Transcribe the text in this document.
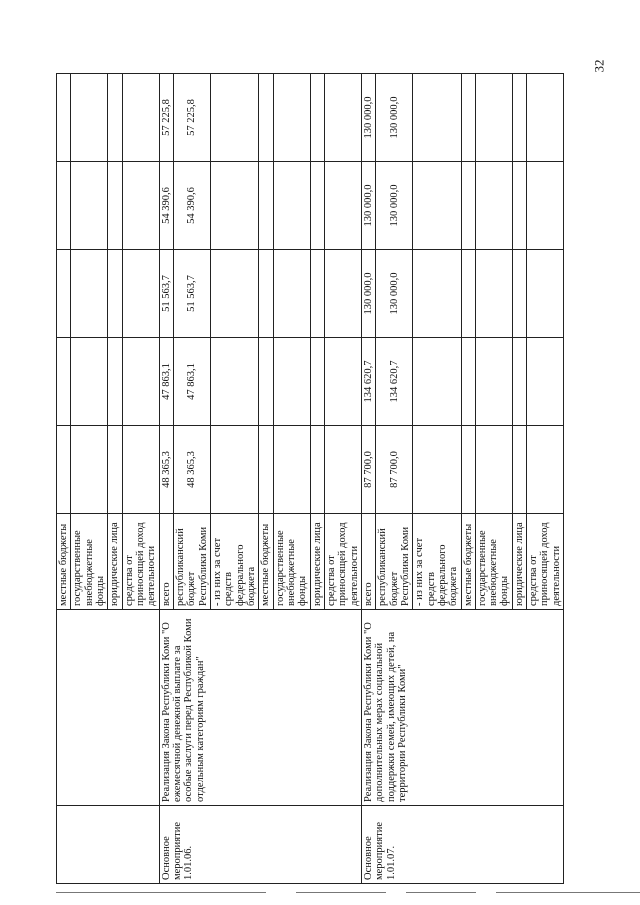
32
		местные бюджеты					
		государственные внебюджетные фонды					
		юридические лица					
		средства от приносящей доход деятельности					
Основное мероприятие 1.01.06.	Реализация Закона Республики Коми "О ежемесячной денежной выплате за особые заслуги перед Республикой Коми отдельным категориям граждан"	всего	48 365,3	47 863,1	51 563,7	54 390,6	57 225,8
		республиканский бюджет Республики Коми	48 365,3	47 863,1	51 563,7	54 390,6	57 225,8
		- из них за счет средств федерального бюджета					
		местные бюджеты					
		государственные внебюджетные фонды					
		юридические лица					
		средства от приносящей доход деятельности					
Основное мероприятие 1.01.07.	Реализация Закона Республики Коми "О дополнительных мерах социальной поддержки семей, имеющих детей, на территории Республики Коми"	всего	87 700,0	134 620,7	130 000,0	130 000,0	130 000,0
		республиканский бюджет Республики Коми	87 700,0	134 620,7	130 000,0	130 000,0	130 000,0
		- из них за счет средств федерального бюджета					
		местные бюджеты					
		государственные внебюджетные фонды					
		юридические лица					
		средства от приносящей доход деятельности					
